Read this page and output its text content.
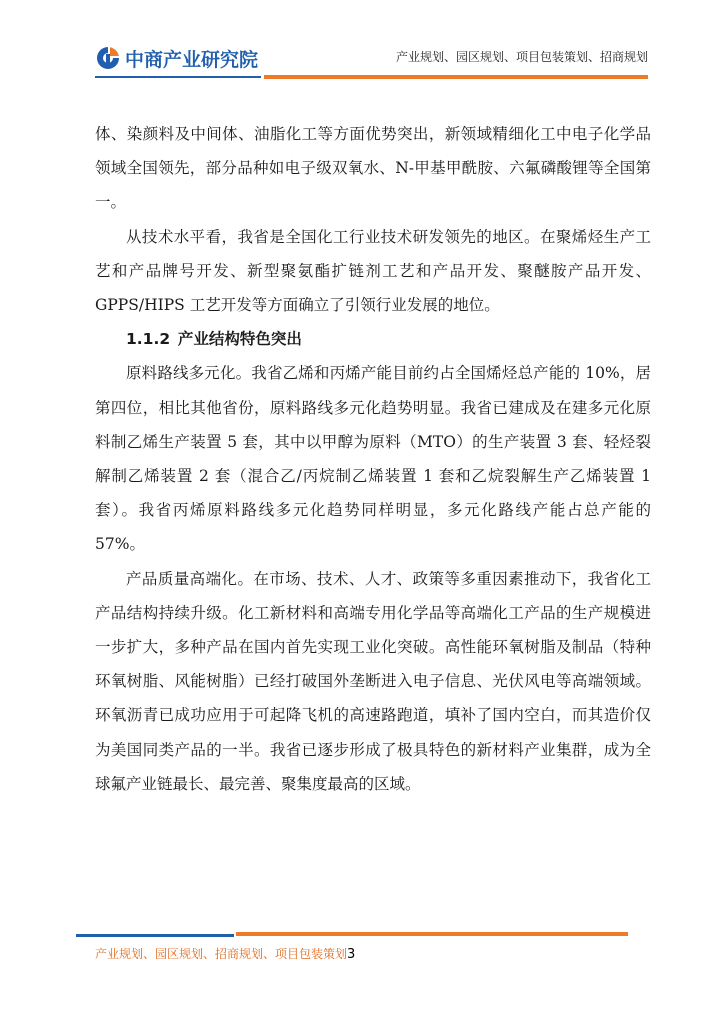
中商产业研究院	产业规划、园区规划、项目包装策划、招商规划

体、染颜料及中间体、油脂化工等方面优势突出，新领域精细化工中电子化学品领域全国领先，部分品种如电子级双氧水、N-甲基甲酰胺、六氟磷酸锂等全国第一。

从技术水平看，我省是全国化工行业技术研发领先的地区。在聚烯烃生产工艺和产品牌号开发、新型聚氨酯扩链剂工艺和产品开发、聚醚胺产品开发、GPPS/HIPS 工艺开发等方面确立了引领行业发展的地位。

1.1.2 产业结构特色突出

原料路线多元化。我省乙烯和丙烯产能目前约占全国烯烃总产能的 10%，居第四位，相比其他省份，原料路线多元化趋势明显。我省已建成及在建多元化原料制乙烯生产装置 5 套，其中以甲醇为原料（MTO）的生产装置 3 套、轻烃裂解制乙烯装置 2 套（混合乙/丙烷制乙烯装置 1 套和乙烷裂解生产乙烯装置 1 套）。我省丙烯原料路线多元化趋势同样明显，多元化路线产能占总产能的 57%。

产品质量高端化。在市场、技术、人才、政策等多重因素推动下，我省化工产品结构持续升级。化工新材料和高端专用化学品等高端化工产品的生产规模进一步扩大，多种产品在国内首先实现工业化突破。高性能环氧树脂及制品（特种环氧树脂、风能树脂）已经打破国外垄断进入电子信息、光伏风电等高端领域。环氧沥青已成功应用于可起降飞机的高速路跑道，填补了国内空白，而其造价仅为美国同类产品的一半。我省已逐步形成了极具特色的新材料产业集群，成为全球氟产业链最长、最完善、聚集度最高的区域。

产业规划、园区规划、招商规划、项目包装策划3
